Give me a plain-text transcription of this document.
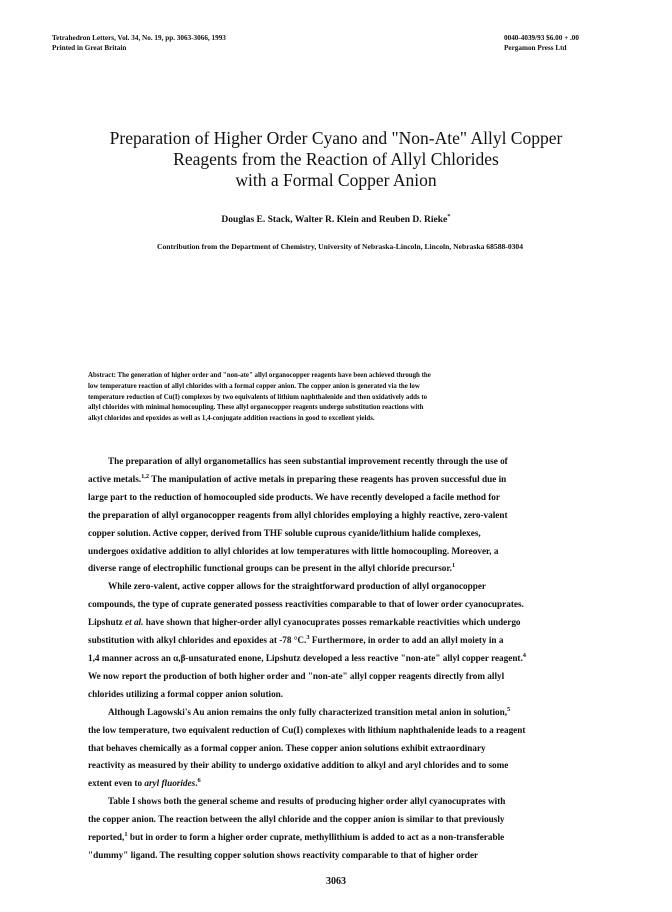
Tetrahedron Letters, Vol. 34, No. 19, pp. 3063-3066, 1993
Printed in Great Britain
0040-4039/93 $6.00 + .00
Pergamon Press Ltd
Preparation of Higher Order Cyano and "Non-Ate" Allyl Copper
Reagents from the Reaction of Allyl Chlorides
with a Formal Copper Anion
Douglas E. Stack, Walter R. Klein and Reuben D. Rieke*
Contribution from the Department of Chemistry, University of Nebraska-Lincoln, Lincoln, Nebraska 68588-0304
Abstract: The generation of higher order and "non-ate" allyl organocopper reagents have been achieved through the
low temperature reaction of allyl chlorides with a formal copper anion. The copper anion is generated via the low
temperature reduction of Cu(I) complexes by two equivalents of lithium naphthalenide and then oxidatively adds to
allyl chlorides with minimal homocoupling. These allyl organocopper reagents undergo substitution reactions with
alkyl chlorides and epoxides as well as 1,4-conjugate addition reactions in good to excellent yields.
The preparation of allyl organometallics has seen substantial improvement recently through the use of
active metals.$^{1,2}$ The manipulation of active metals in preparing these reagents has proven successful due in
large part to the reduction of homocoupled side products. We have recently developed a facile method for
the preparation of allyl organocopper reagents from allyl chlorides employing a highly reactive, zero-valent
copper solution. Active copper, derived from THF soluble cuprous cyanide/lithium halide complexes,
undergoes oxidative addition to allyl chlorides at low temperatures with little homocoupling. Moreover, a
diverse range of electrophilic functional groups can be present in the allyl chloride precursor.$^1$
While zero-valent, active copper allows for the straightforward production of allyl organocopper
compounds, the type of cuprate generated possess reactivities comparable to that of lower order cyanocuprates.
Lipshutz et al. have shown that higher-order allyl cyanocuprates posses remarkable reactivities which undergo
substitution with alkyl chlorides and epoxides at -78 °C.$^3$ Furthermore, in order to add an allyl moiety in a
1,4 manner across an α,β-unsaturated enone, Lipshutz developed a less reactive "non-ate" allyl copper reagent.$^4$
We now report the production of both higher order and "non-ate" allyl copper reagents directly from allyl
chlorides utilizing a formal copper anion solution.
Although Lagowski's Au anion remains the only fully characterized transition metal anion in solution,$^5$
the low temperature, two equivalent reduction of Cu(I) complexes with lithium naphthalenide leads to a reagent
that behaves chemically as a formal copper anion. These copper anion solutions exhibit extraordinary
reactivity as measured by their ability to undergo oxidative addition to alkyl and aryl chlorides and to some
extent even to aryl fluorides.$^6$
Table I shows both the general scheme and results of producing higher order allyl cyanocuprates with
the copper anion. The reaction between the allyl chloride and the copper anion is similar to that previously
reported,$^1$ but in order to form a higher order cuprate, methyllithium is added to act as a non-transferable
"dummy" ligand. The resulting copper solution shows reactivity comparable to that of higher order
3063
